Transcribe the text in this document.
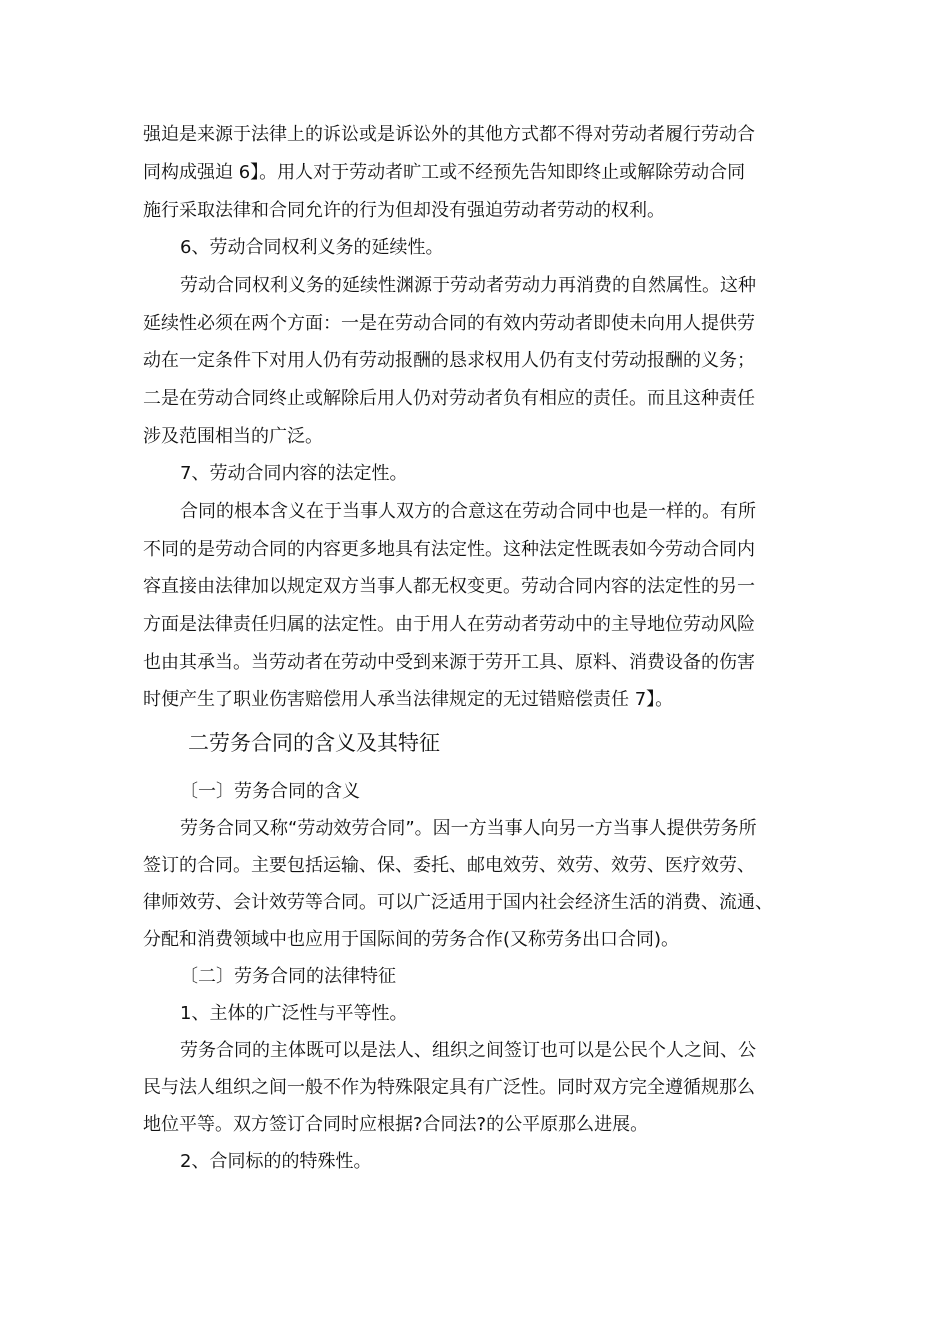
强迫是来源于法律上的诉讼或是诉讼外的其他方式都不得对劳动者履行劳动合
同构成强迫 6】。用人对于劳动者旷工或不经预先告知即终止或解除劳动合同
施行采取法律和合同允许的行为但却没有强迫劳动者劳动的权利。
6、劳动合同权利义务的延续性。
劳动合同权利义务的延续性渊源于劳动者劳动力再消费的自然属性。这种
延续性必须在两个方面：一是在劳动合同的有效内劳动者即使未向用人提供劳
动在一定条件下对用人仍有劳动报酬的恳求权用人仍有支付劳动报酬的义务；
二是在劳动合同终止或解除后用人仍对劳动者负有相应的责任。而且这种责任
涉及范围相当的广泛。
7、劳动合同内容的法定性。
合同的根本含义在于当事人双方的合意这在劳动合同中也是一样的。有所
不同的是劳动合同的内容更多地具有法定性。这种法定性既表如今劳动合同内
容直接由法律加以规定双方当事人都无权变更。劳动合同内容的法定性的另一
方面是法律责任归属的法定性。由于用人在劳动者劳动中的主导地位劳动风险
也由其承当。当劳动者在劳动中受到来源于劳开工具、原料、消费设备的伤害
时便产生了职业伤害赔偿用人承当法律规定的无过错赔偿责任 7】。
二劳务合同的含义及其特征
〔一〕劳务合同的含义
劳务合同又称“劳动效劳合同”。因一方当事人向另一方当事人提供劳务所
签订的合同。主要包括运输、保、委托、邮电效劳、效劳、效劳、医疗效劳、
律师效劳、会计效劳等合同。可以广泛适用于国内社会经济生活的消费、流通、
分配和消费领域中也应用于国际间的劳务合作(又称劳务出口合同)。
〔二〕劳务合同的法律特征
1、主体的广泛性与平等性。
劳务合同的主体既可以是法人、组织之间签订也可以是公民个人之间、公
民与法人组织之间一般不作为特殊限定具有广泛性。同时双方完全遵循规那么
地位平等。双方签订合同时应根据?合同法?的公平原那么进展。
2、合同标的的特殊性。
